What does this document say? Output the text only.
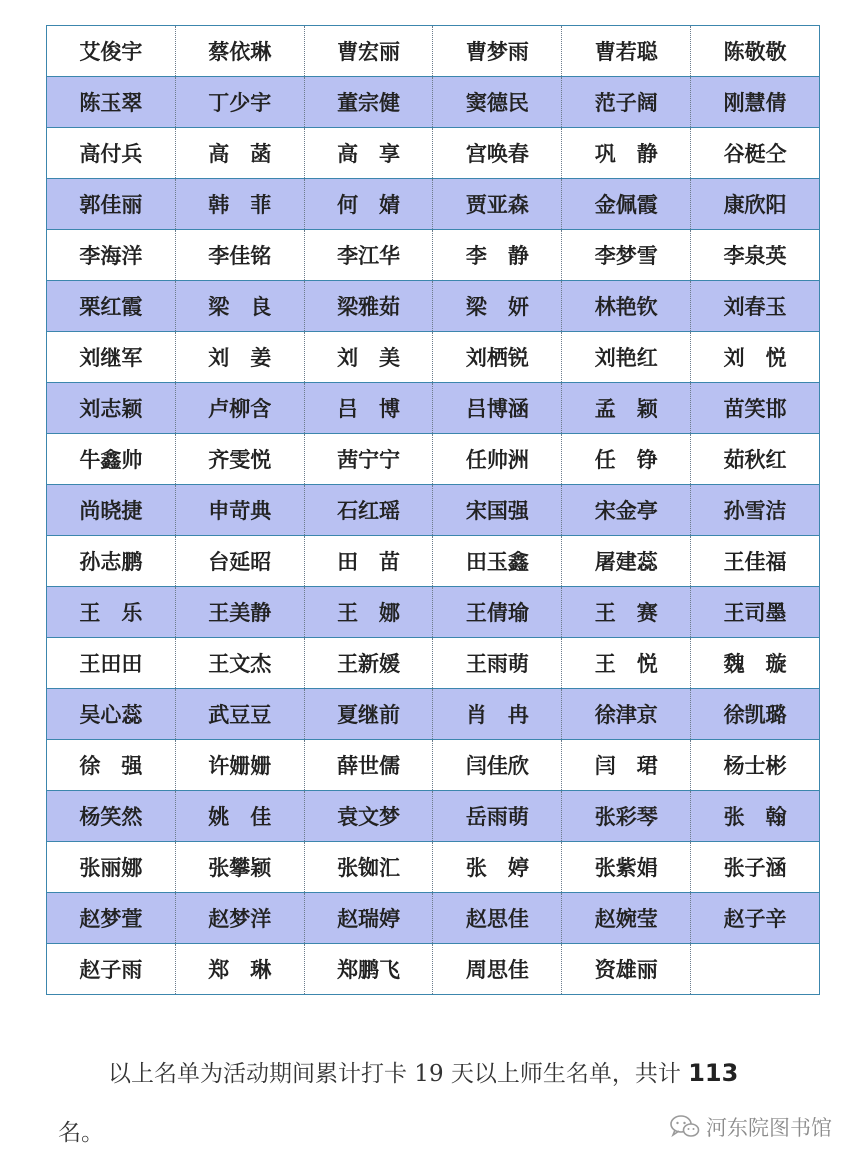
艾俊宇	蔡依琳	曹宏丽	曹梦雨	曹若聪	陈敬敬
陈玉翠	丁少宇	董宗健	窦德民	范子阔	刚慧倩
高付兵	高　菡	高　享	宫唤春	巩　静	谷梃仝
郭佳丽	韩　菲	何　婧	贾亚森	金佩霞	康欣阳
李海洋	李佳铭	李江华	李　静	李梦雪	李泉英
栗红霞	梁　良	梁雅茹	梁　妍	林艳钦	刘春玉
刘继军	刘　姜	刘　美	刘栖锐	刘艳红	刘　悦
刘志颖	卢柳含	吕　博	吕博涵	孟　颖	苗笑邯
牛鑫帅	齐雯悦	茜宁宁	任帅洲	任　铮	茹秋红
尚晓捷	申苛典	石红瑶	宋国强	宋金亭	孙雪洁
孙志鹏	台延昭	田　苗	田玉鑫	屠建蕊	王佳福
王　乐	王美静	王　娜	王倩瑜	王　赛	王司墨
王田田	王文杰	王新媛	王雨萌	王　悦	魏　璇
吴心蕊	武豆豆	夏继前	肖　冉	徐津京	徐凯璐
徐　强	许姗姗	薛世儒	闫佳欣	闫　珺	杨士彬
杨笑然	姚　佳	袁文梦	岳雨萌	张彩琴	张　翰
张丽娜	张攀颖	张铷汇	张　婷	张紫娟	张子涵
赵梦萱	赵梦洋	赵瑞婷	赵思佳	赵婉莹	赵子辛
赵子雨	郑　琳	郑鹏飞	周思佳	资雄丽	
以上名单为活动期间累计打卡 19 天以上师生名单，共计 113
名。	河东院图书馆
